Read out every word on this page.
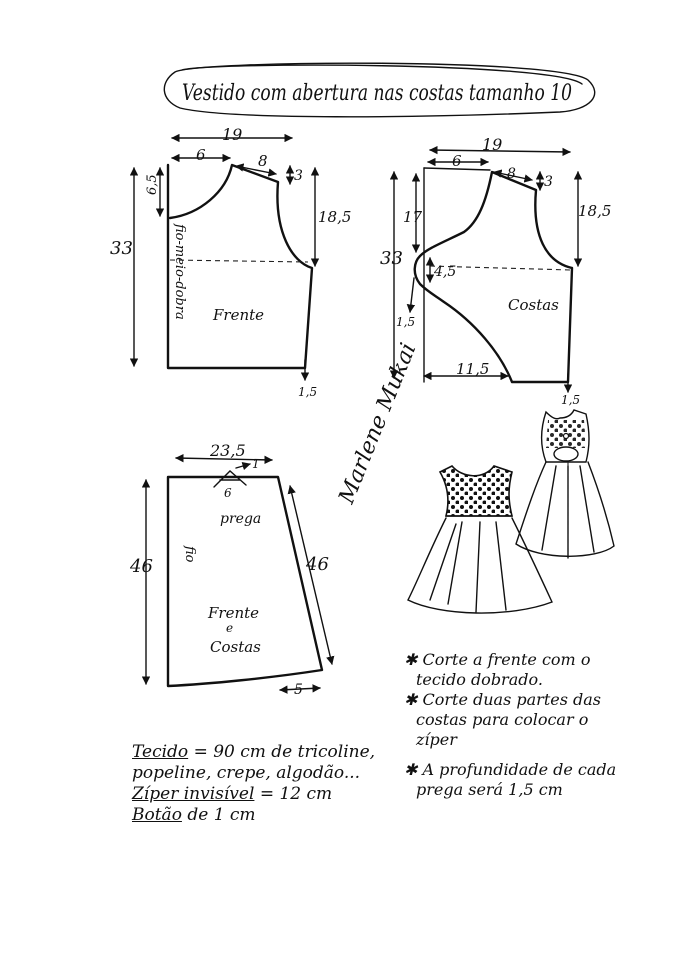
Vestido com abertura nas costas tamanho 10
19
6	8
3
6,5
18,5
33
1,5
fio-meio-dobra Frente
19
6
8 3
18,5
33
17
4,5
1,5
11,5
1,5
Costas
Marlene Mukai
23,5
6
1
prega
46	46
5
fio
Frente
e
Costas
Tecido = 90 cm de tricoline,
popeline, crepe, algodão...
Zíper invisível = 12 cm
Botão de 1 cm
✱ Corte a frente com o
tecido dobrado.
✱ Corte duas partes das
costas para colocar o
zíper
✱ A profundidade de cada
prega será 1,5 cm
